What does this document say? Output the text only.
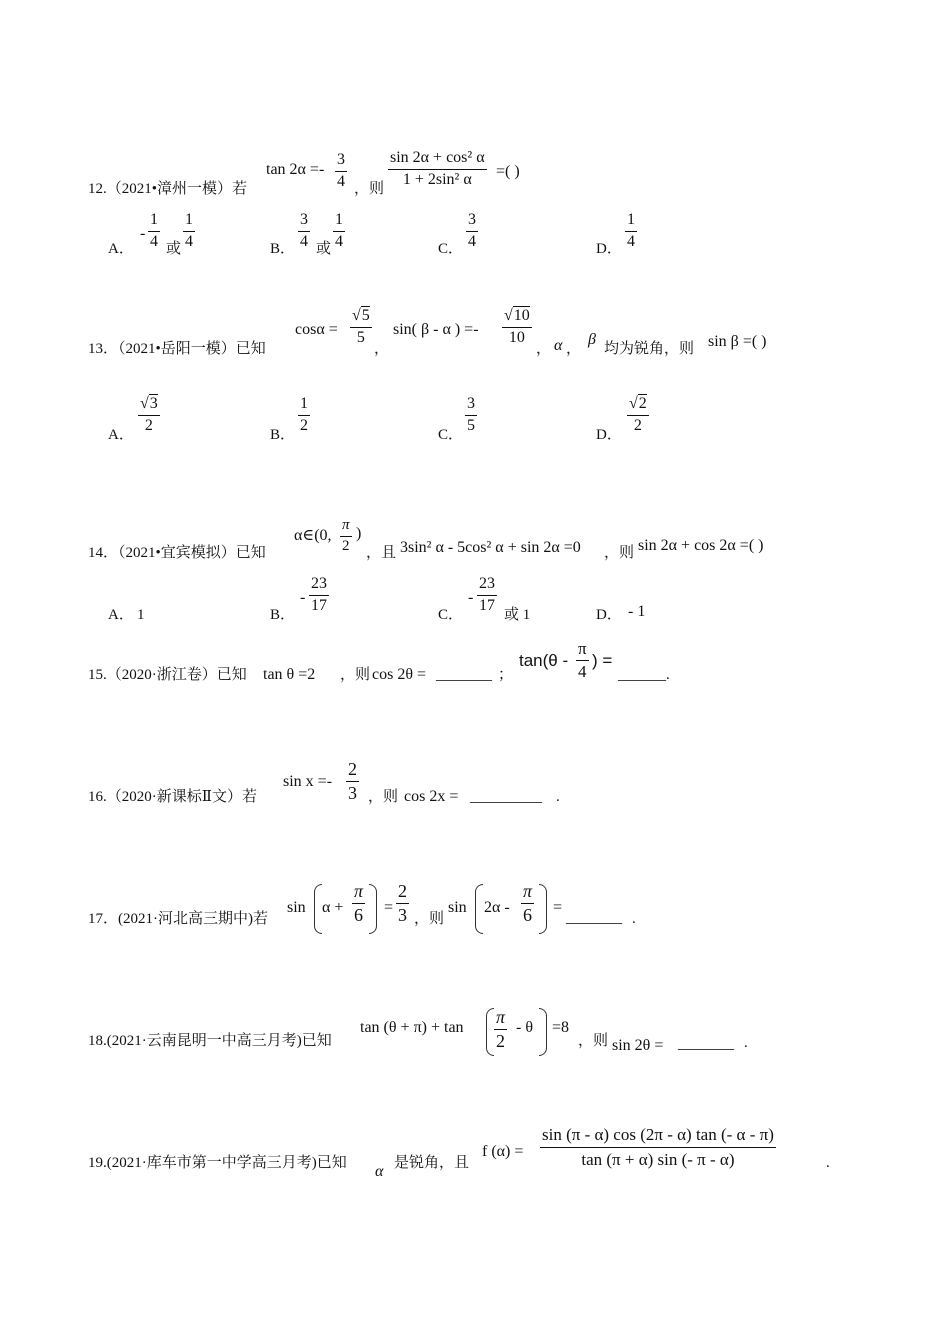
12.（2021•漳州一模）若
$\tan 2\alpha =- \frac{3}{4}$ ，则
$\frac{\text{sin 2α + cos² α}}{\text{1 + 2sin² α}}$ =( )
A．
- $\frac{1}{4}$ 或 $\frac{1}{4}$	B． $\frac{3}{4}$ 或 $\frac{1}{4}$	C． $\frac{3}{4}$	D． $\frac{1}{4}$
13．（2021•岳阳一模）已知
$\cos\alpha = \frac{√5}{5}$
，
sin( β - α ) =- $\frac{√10}{10}$
， α ，
β
均为锐角，则 sin β =( )
A．
$\frac{√3}{2}$
B．
$\frac{1}{2}$
C．
$\frac{3}{5}$
D．
$\frac{√2}{2}$
14．（2021•宜宾模拟）已知
α∈(0, $\frac{\pi}{2}$ )
，且 3sin² α - 5cos² α + sin 2α =0 ，则 sin 2α + cos 2α =( )
A． 1	B．
- $\frac{23}{17}$
C．
- $\frac{23}{17}$
或 1	D． - 1
15.（2020·浙江卷）已知 tan θ =2 ，则 cos 2θ = _______ ；
$\tan(\theta - \frac{\pi}{4}$ ) =
______ .
16.（2020·新课标Ⅱ文）若
$\sin x =- \frac{2}{3}$ ，则 cos 2x = _________ .
17．(2021·河北高三期中)若
$\sin \alpha + \frac{\pi}{6} = \frac{2}{3}$ ，则
$\sin 2\alpha - \frac{\pi}{6}$ =
_______ .
18.(2021·云南昆明一中高三月考)已知
$\tan (\theta + \pi) + \tan \frac{\pi}{2} - \theta =8$
，则 sin 2θ = _______ .
19.(2021·库车市第一中学高三月考)已知 α 是锐角，且
f $(\alpha) = \frac{\sin (\pi - \alpha) \cos (2\pi - \alpha) \tan (- \alpha - \pi)}{\tan (\pi + \alpha) \sin (- \pi - \alpha)}$	.
